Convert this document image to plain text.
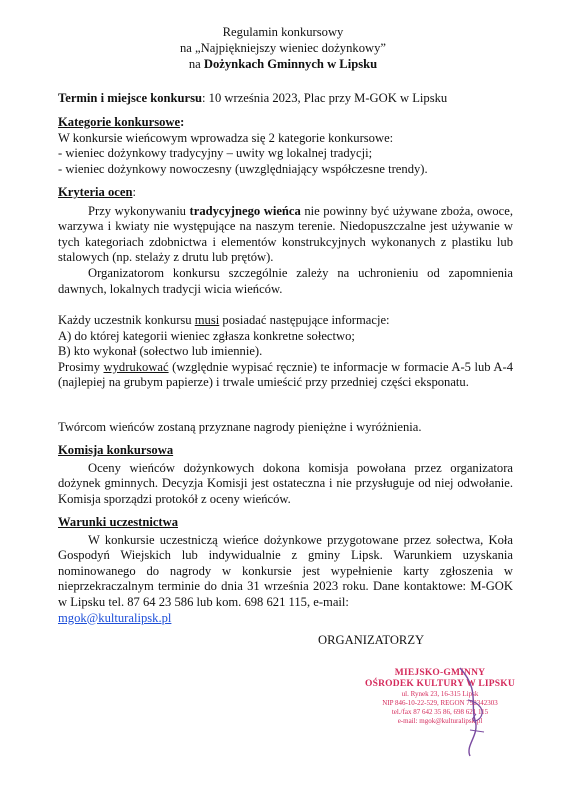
Regulamin konkursowy
na „Najpiękniejszy wieniec dożynkowy”
na Dożynkach Gminnych w Lipsku
Termin i miejsce konkursu: 10 września 2023, Plac przy M-GOK w Lipsku
Kategorie konkursowe:
W konkursie wieńcowym wprowadza się 2 kategorie konkursowe:
- wieniec dożynkowy tradycyjny – uwity wg lokalnej tradycji;
- wieniec dożynkowy nowoczesny (uwzględniający współczesne trendy).
Kryteria ocen:
Przy wykonywaniu tradycyjnego wieńca nie powinny być używane zboża, owoce, warzywa i kwiaty nie występujące na naszym terenie. Niedopuszczalne jest używanie w tych kategoriach zdobnictwa i elementów konstrukcyjnych wykonanych z plastiku lub stalowych (np. stelaży z drutu lub prętów).
Organizatorom konkursu szczególnie zależy na uchronieniu od zapomnienia dawnych, lokalnych tradycji wicia wieńców.
Każdy uczestnik konkursu musi posiadać następujące informacje:
A) do której kategorii wieniec zgłasza konkretne sołectwo;
B) kto wykonał (sołectwo lub imiennie).
Prosimy wydrukować (względnie wypisać ręcznie) te informacje w formacie A-5 lub A-4 (najlepiej na grubym papierze) i trwale umieścić przy przedniej części eksponatu.
Twórcom wieńców zostaną przyznane nagrody pieniężne i wyróżnienia.
Komisja konkursowa
Oceny wieńców dożynkowych dokona komisja powołana przez organizatora dożynek gminnych. Decyzja Komisji jest ostateczna i nie przysługuje od niej odwołanie. Komisja sporządzi protokół z oceny wieńców.
Warunki uczestnictwa
W konkursie uczestniczą wieńce dożynkowe przygotowane przez sołectwa, Koła Gospodyń Wiejskich lub indywidualnie z gminy Lipsk. Warunkiem uzyskania nominowanego do nagrody w konkursie jest wypełnienie karty zgłoszenia w nieprzekraczalnym terminie do dnia 31 września 2023 roku. Dane kontaktowe: M-GOK w Lipsku tel. 87 64 23 586 lub kom. 698 621 115, e-mail:
mgok@kulturalipsk.pl
ORGANIZATORZY
MIEJSKO-GMINNY
OŚRODEK KULTURY W LIPSKU
ul. Rynek 23, 16-315 Lipsk
NIP 846-10-22-529, REGON 792342303
tel./fax 87 642 35 86, 698 621 115
e-mail: mgok@kulturalipsk.pl
